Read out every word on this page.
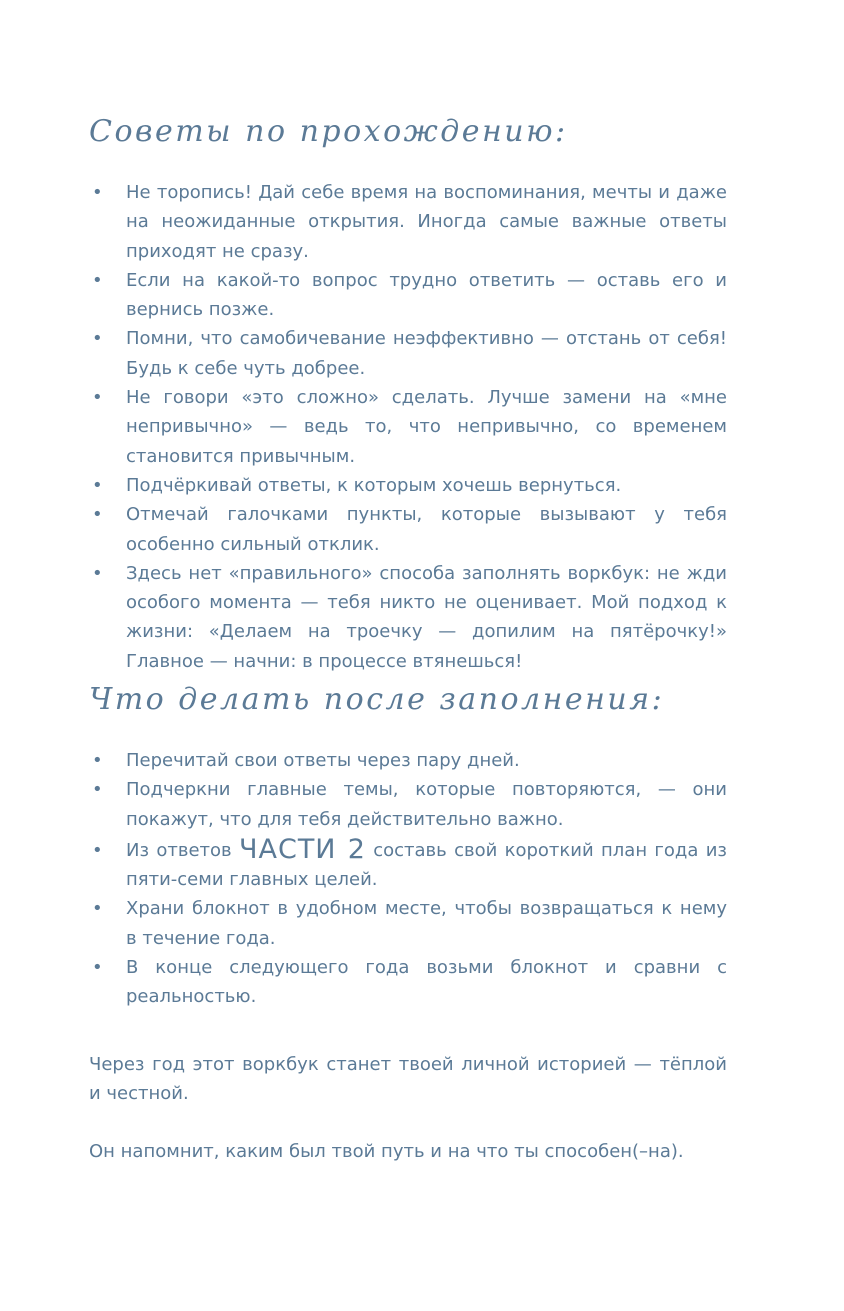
Советы по прохождению:
• Не торопись! Дай себе время на воспоминания, мечты и даже на неожиданные открытия. Иногда самые важные ответы приходят не сразу.
• Если на какой-то вопрос трудно ответить — оставь его и вернись позже.
• Помни, что самобичевание неэффективно — отстань от себя! Будь к себе чуть добрее.
• Не говори «это сложно» сделать. Лучше замени на «мне непривычно» — ведь то, что непривычно, со временем становится привычным.
• Подчёркивай ответы, к которым хочешь вернуться.
• Отмечай галочками пункты, которые вызывают у тебя особенно сильный отклик.
• Здесь нет «правильного» способа заполнять воркбук: не жди особого момента — тебя никто не оценивает. Мой подход к жизни: «Делаем на троечку — допилим на пятёрочку!» Главное — начни: в процессе втянешься!
Что делать после заполнения:
• Перечитай свои ответы через пару дней.
• Подчеркни главные темы, которые повторяются, — они покажут, что для тебя действительно важно.
• Из ответов ЧАСТИ 2 составь свой короткий план года из пяти-семи главных целей.
• Храни блокнот в удобном месте, чтобы возвращаться к нему в течение года.
• В конце следующего года возьми блокнот и сравни с реальностью.

Через год этот воркбук станет твоей личной историей — тёплой и честной.

Он напомнит, каким был твой путь и на что ты способен(–на).
